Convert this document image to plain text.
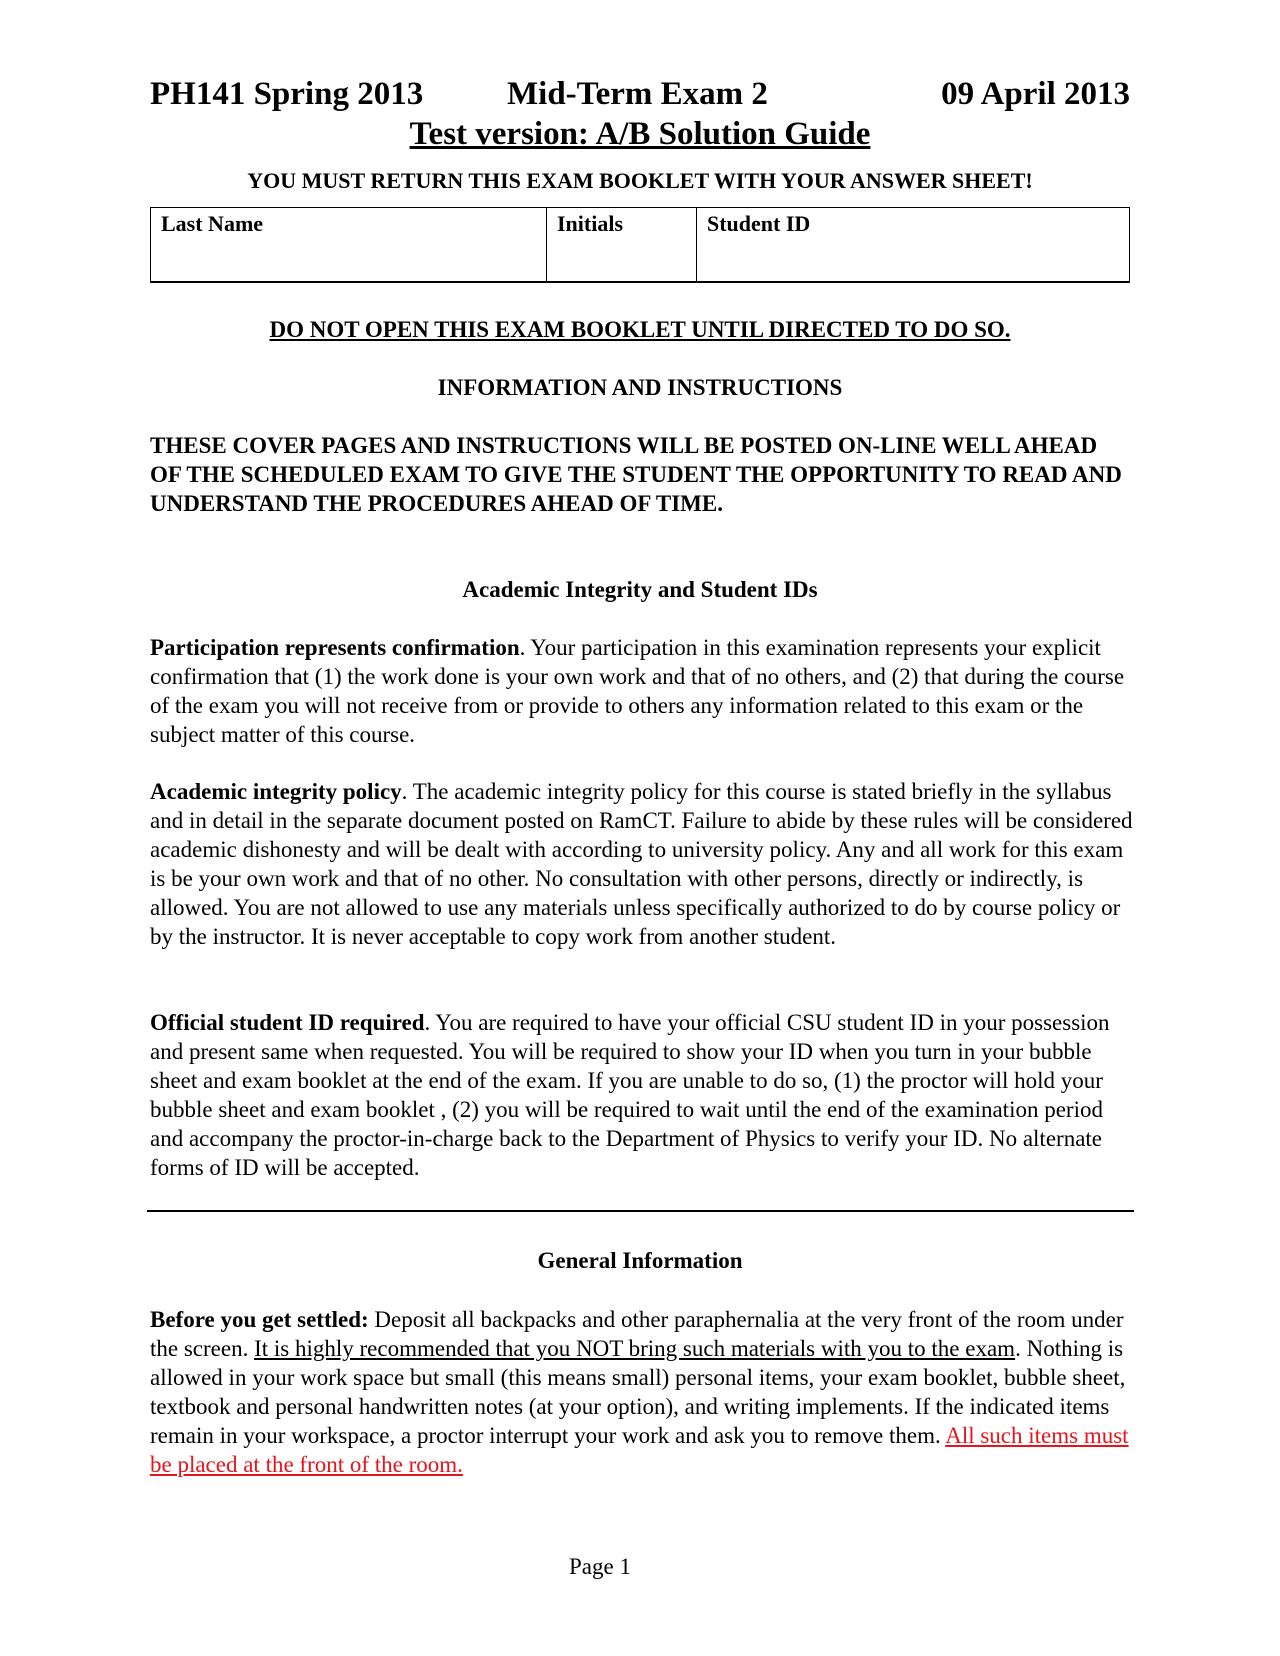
PH141 Spring 2013	Mid-Term Exam 2	09 April 2013
Test version: A/B Solution Guide
YOU MUST RETURN THIS EXAM BOOKLET WITH YOUR ANSWER SHEET!
Last Name	Initials	Student ID
DO NOT OPEN THIS EXAM BOOKLET UNTIL DIRECTED TO DO SO.
INFORMATION AND INSTRUCTIONS
THESE COVER PAGES AND INSTRUCTIONS WILL BE POSTED ON-LINE WELL AHEAD OF THE SCHEDULED EXAM TO GIVE THE STUDENT THE OPPORTUNITY TO READ AND UNDERSTAND THE PROCEDURES AHEAD OF TIME.
Academic Integrity and Student IDs
Participation represents confirmation. Your participation in this examination represents your explicit confirmation that (1) the work done is your own work and that of no others, and (2) that during the course of the exam you will not receive from or provide to others any information related to this exam or the subject matter of this course.
Academic integrity policy. The academic integrity policy for this course is stated briefly in the syllabus and in detail in the separate document posted on RamCT. Failure to abide by these rules will be considered academic dishonesty and will be dealt with according to university policy. Any and all work for this exam is be your own work and that of no other. No consultation with other persons, directly or indirectly, is allowed. You are not allowed to use any materials unless specifically authorized to do by course policy or by the instructor. It is never acceptable to copy work from another student.
Official student ID required. You are required to have your official CSU student ID in your possession and present same when requested. You will be required to show your ID when you turn in your bubble sheet and exam booklet at the end of the exam. If you are unable to do so, (1) the proctor will hold your bubble sheet and exam booklet , (2) you will be required to wait until the end of the examination period and accompany the proctor-in-charge back to the Department of Physics to verify your ID. No alternate forms of ID will be accepted.
General Information
Before you get settled: Deposit all backpacks and other paraphernalia at the very front of the room under the screen. It is highly recommended that you NOT bring such materials with you to the exam. Nothing is allowed in your work space but small (this means small) personal items, your exam booklet, bubble sheet, textbook and personal handwritten notes (at your option), and writing implements. If the indicated items remain in your workspace, a proctor interrupt your work and ask you to remove them. All such items must be placed at the front of the room.
Page 1
